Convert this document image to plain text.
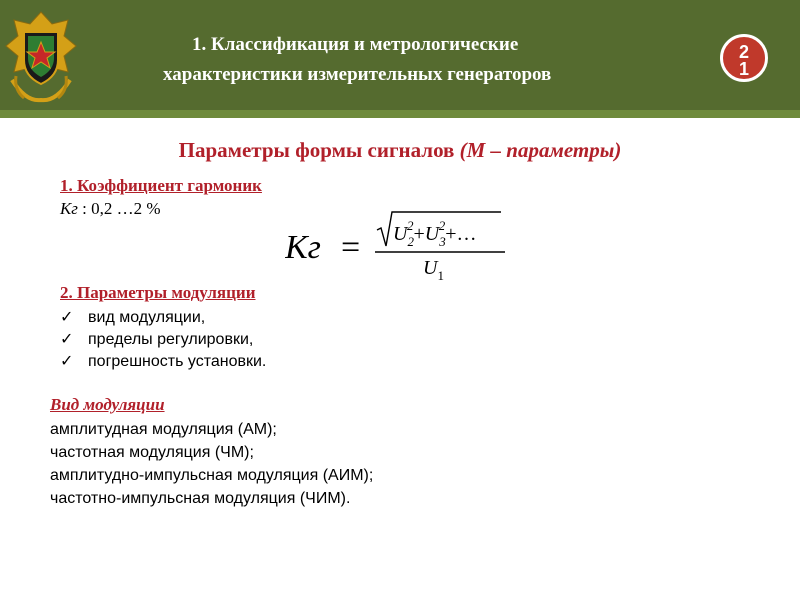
1. Классификация и метрологические
характеристики измерительных генераторов
2
1
Параметры формы сигналов (М – параметры)
1. Коэффициент гармоник
Кг : 0,2 …2 %
Кг = $U_22+U_32+\dots$
$U_1$
2. Параметры модуляции
✓ вид модуляции,
✓ пределы регулировки,
✓ погрешность установки.
Вид модуляции
амплитудная модуляция (АМ);
частотная модуляция (ЧМ);
амплитудно-импульсная модуляция (АИМ);
частотно-импульсная модуляция (ЧИМ).
